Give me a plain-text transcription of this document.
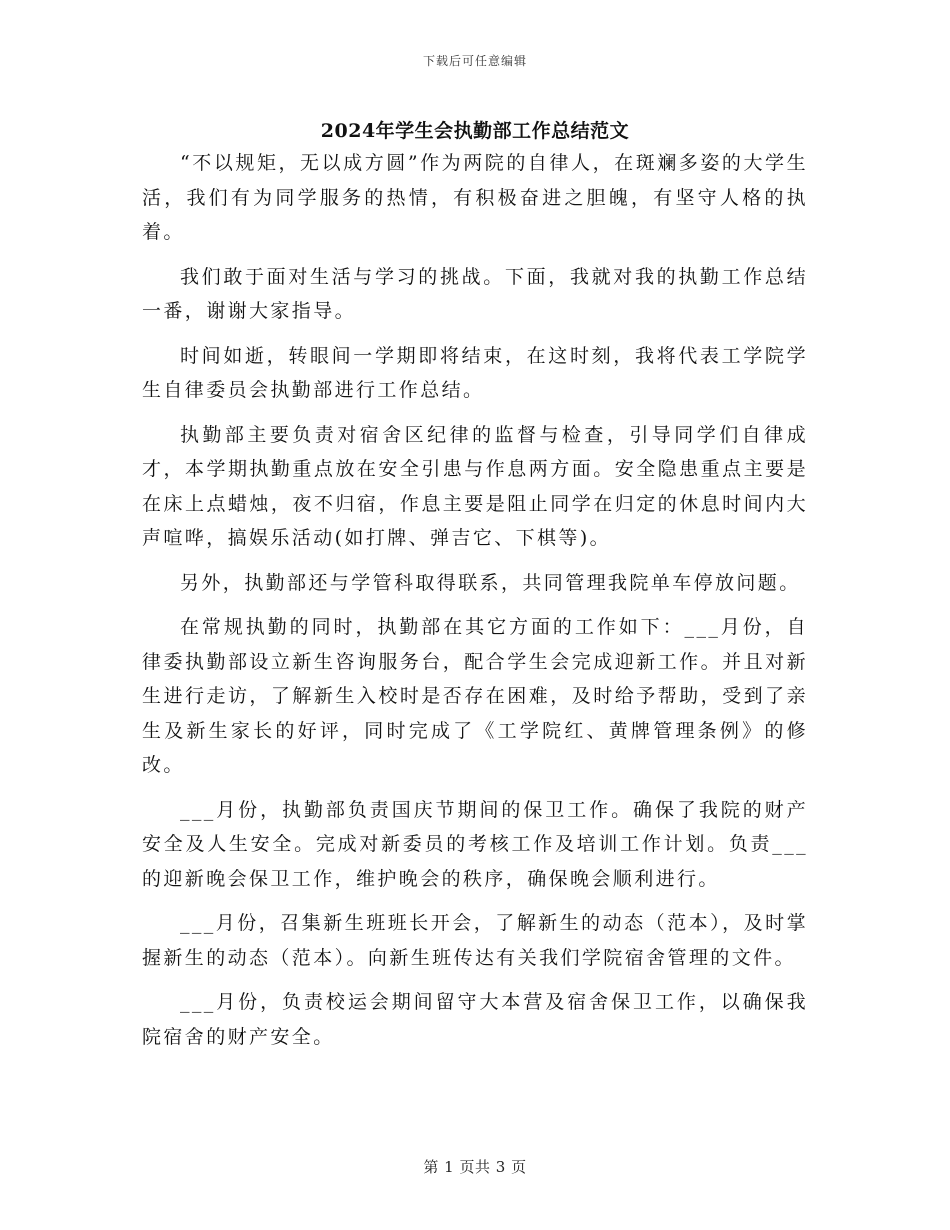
下载后可任意编辑
2024年学生会执勤部工作总结范文

“不以规矩，无以成方圆”作为两院的自律人，在斑斓多姿的大学生活，我们有为同学服务的热情，有积极奋进之胆魄，有坚守人格的执着。

我们敢于面对生活与学习的挑战。下面，我就对我的执勤工作总结一番，谢谢大家指导。

时间如逝，转眼间一学期即将结束，在这时刻，我将代表工学院学生自律委员会执勤部进行工作总结。

执勤部主要负责对宿舍区纪律的监督与检查，引导同学们自律成才，本学期执勤重点放在安全引患与作息两方面。安全隐患重点主要是在床上点蜡烛，夜不归宿，作息主要是阻止同学在归定的休息时间内大声喧哗，搞娱乐活动(如打牌、弹吉它、下棋等)。

另外，执勤部还与学管科取得联系，共同管理我院单车停放问题。

在常规执勤的同时，执勤部在其它方面的工作如下：___月份，自律委执勤部设立新生咨询服务台，配合学生会完成迎新工作。并且对新生进行走访，了解新生入校时是否存在困难，及时给予帮助，受到了亲生及新生家长的好评，同时完成了《工学院红、黄牌管理条例》的修改。

___月份，执勤部负责国庆节期间的保卫工作。确保了我院的财产安全及人生安全。完成对新委员的考核工作及培训工作计划。负责___的迎新晚会保卫工作，维护晚会的秩序，确保晚会顺利进行。

___月份，召集新生班班长开会，了解新生的动态（范本），及时掌握新生的动态（范本）。向新生班传达有关我们学院宿舍管理的文件。

___月份，负责校运会期间留守大本营及宿舍保卫工作，以确保我院宿舍的财产安全。

第 1 页共 3 页
